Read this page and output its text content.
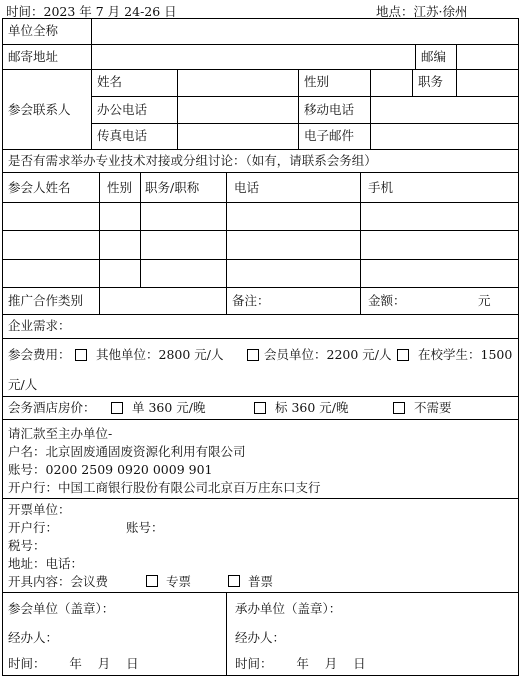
时间：2023 年 7 月 24-26 日	地点：江苏·徐州
单位全称
邮寄地址	邮编
参会联系人
姓名	性别	职务
办公电话	移动电话
传真电话	电子邮件
是否有需求举办专业技术对接或分组讨论：（如有，请联系会务组）
参会人姓名	性别 职务/职称	电话	手机
推广合作类别	备注：	金额：	元
企业需求：
参会费用： 其他单位：2800 元/人	会员单位：2200 元/人 在校学生：1500
元/人
会务酒店房价：	单 360 元/晚	标 360 元/晚	不需要
请汇款至主办单位-
户名：北京固废通固废资源化利用有限公司
账号：0200 2509 0920 0009 901
开户行：中国工商银行股份有限公司北京百万庄东口支行
开票单位：
开户行：	账号：
税号：
地址：电话：
开具内容：会议费	专票	普票
参会单位（盖章）：
经办人：
时间：      年    月    日
承办单位（盖章）：
经办人：
时间：      年    月    日
